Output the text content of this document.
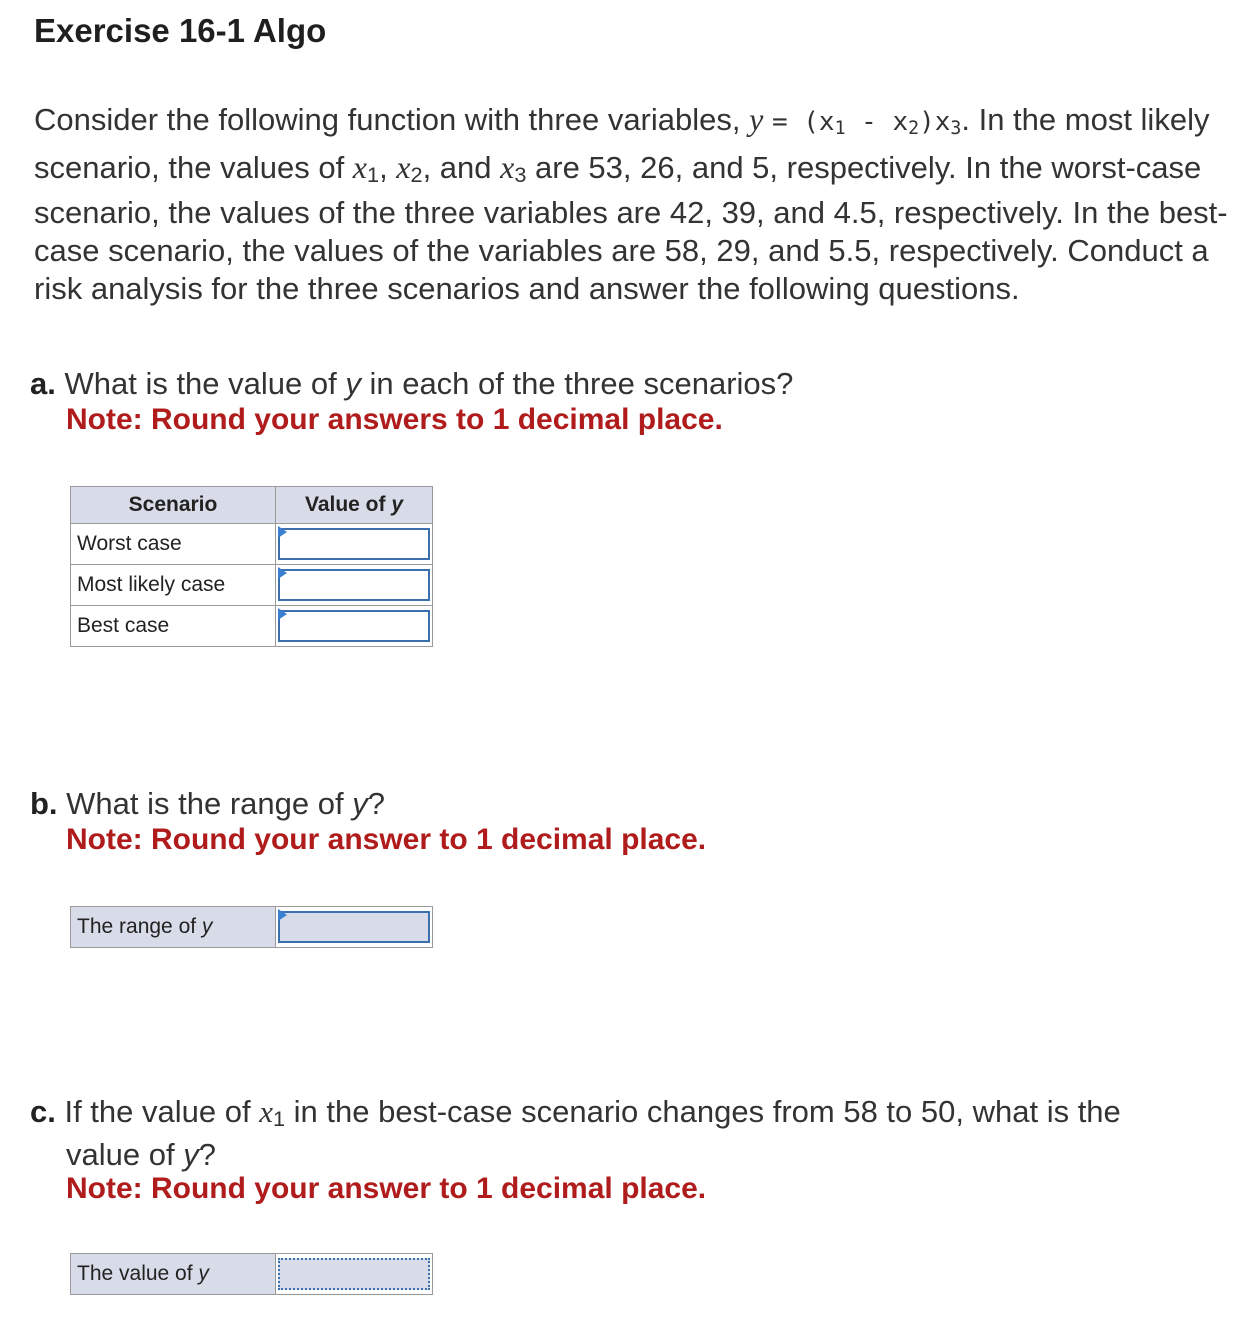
Exercise 16-1 Algo
Consider the following function with three variables, $y = (x_1 - x_2)x_3$. In the most likely scenario, the values of $x_1$, $x_2$, and $x_3$ are 53, 26, and 5, respectively. In the worst-case scenario, the values of the three variables are 42, 39, and 4.5, respectively. In the best-case scenario, the values of the variables are 58, 29, and 5.5, respectively. Conduct a risk analysis for the three scenarios and answer the following questions.
a. What is the value of y in each of the three scenarios?
Note: Round your answers to 1 decimal place.
Scenario	Value of y
Worst case	

Most likely case	

Best case	
b. What is the range of y?
Note: Round your answer to 1 decimal place.
The range of y	
c. If the value of $x_1$ in the best-case scenario changes from 58 to 50, what is the
value of y?
Note: Round your answer to 1 decimal place.
The value of y	
